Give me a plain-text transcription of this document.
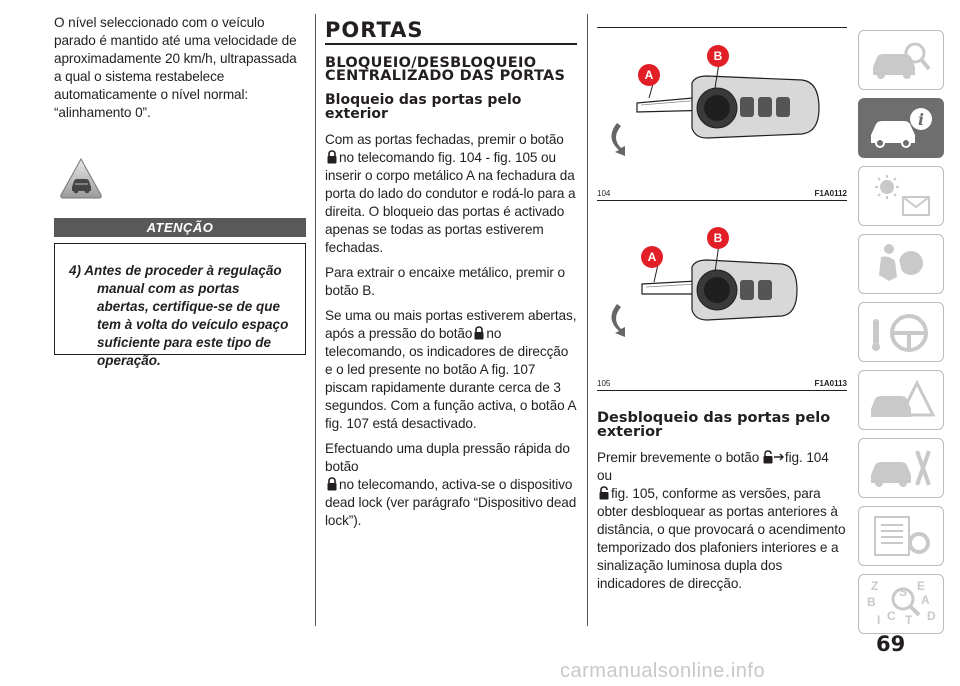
O nível seleccionado com o veículo parado é mantido até uma velocidade de aproximadamente 20 km/h, ultrapassada a qual o sistema restabelece automaticamente o nível normal: “alinhamento 0”.

ATENÇÃO
4) Antes de proceder à regulação manual com as portas abertas, certifique-se de que tem à volta do veículo espaço suficiente para este tipo de operação.
PORTAS
BLOQUEIO/DESBLOQUEIO CENTRALIZADO DAS PORTAS
Bloqueio das portas pelo exterior

Com as portas fechadas, premir o botão
no telecomando fig. 104 - fig. 105 ou inserir o corpo metálico A na fechadura da porta do lado do condutor e rodá-lo para a direita. O bloqueio das portas é activado apenas se todas as portas estiverem fechadas.

Para extrair o encaixe metálico, premir o botão B.

Se uma ou mais portas estiverem abertas, após a pressão do botão no telecomando, os indicadores de direcção e o led presente no botão A fig. 107 piscam rapidamente durante cerca de 3 segundos. Com a função activa, o botão A fig. 107 está desactivado.

Efectuando uma dupla pressão rápida do botão
no telecomando, activa-se o dispositivo dead lock (ver parágrafo “Dispositivo dead lock”).

A
B
104	F1A0112
A
B
105	F1A0113
Desbloqueio das portas pelo exterior

Premir brevemente o botão fig. 104 ou
fig. 105, conforme as versões, para obter desbloquear as portas anteriores à distância, o que provocará o acendimento temporizado dos plafoniers interiores e a sinalização luminosa dupla dos indicadores de direcção.

i
Z S E
A
B
C	D
I T
69
carmanualsonline.info
